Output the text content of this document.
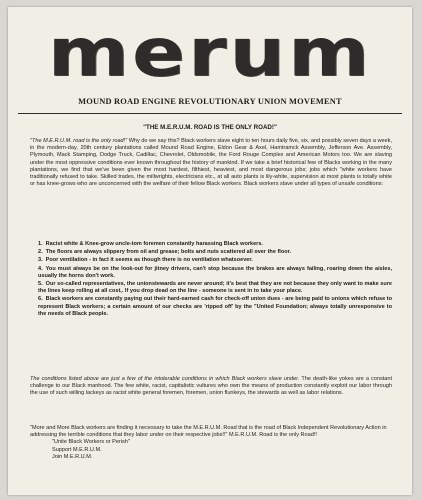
merum
MOUND ROAD ENGINE REVOLUTIONARY UNION MOVEMENT
"THE M.E.R.U.M. ROAD IS THE ONLY ROAD!"
"The M.E.R.U.M. road is the only road!" Why do we say this? Black workers slave eight to ten hours daily five, six, and possibly seven days a week, in the modern-day, 20th century plantations called Mound Road Engine, Eldon Gear & Axel, Hamtramck Assembly, Jefferson Ave. Assembly, Plymouth, Mack Stamping, Dodge Truck, Cadillac, Chevrolet, Oldsmobile, the Ford Rouge Complex and American Motors too. We are slaving under the most oppressive conditions ever known throughout the history of mankind. If we take a brief historical few of Blacks working in the many plantations, we find that we've been given the most hardest, filthiest, heaviest, and most dangerous jobs; jobs which "white workers have traditionally refused to take. Skilled trades, the millwrights, electricians etc., at all auto plants is lily-white, supervision at most plants is totally white or has knee-grows who are unconcerned with the welfare of their fellow Black workers. Black workers slave under all types of unsafe conditions:
1. Racist white & Knee-grow uncle-tom foremen constantly harassing Black workers.
2. The floors are always slippery from oil and grease; bolts and nuts scattered all over the floor.
3. Poor ventilation - in fact it seems as though there is no ventilation whatsoever.
4. You must always be on the look-out for jitney drivers, can't stop because the brakes are always failing, roaring down the aisles, usually the horns don't work.
5. Our so-called representatives, the unionstewards are never around; it's best that they are not because they only want to make sure the lines keep rolling at all cost,. If you drop dead on the line - someone is sent in to take your place.
6. Black workers are constantly paying out their hard-earned cash for check-off union dues - are being paid to unions which refuse to represent Black workers; a certain amount of our checks are 'ripped off' by the "United Foundation; always totally unresponsive to the needs of Black people.
The conditions listed above are just a few of the intolerable conditions in which Black workers slave under. The death-like yokes are a constant challenge to our Black manhood. The few white, racist, capitalistic vultures who own the means of production constantly exploit our labor through the use of such willing lackeys as racist white general foremen, foremen, union flunkeys, the stewards as well as labor relations.
"More and More Black workers are finding it necessary to take the M.E.R.U.M. Road that is the road of Black Independent Revolutionary Action in addressing the terrible conditions that they labor under on their respective jobs!!" M.E.R.U.M. Road is the only Road!!
"Unite Black Workers or Perish"
Support M.E.R.U.M.
Join M.E.R.U.M.
